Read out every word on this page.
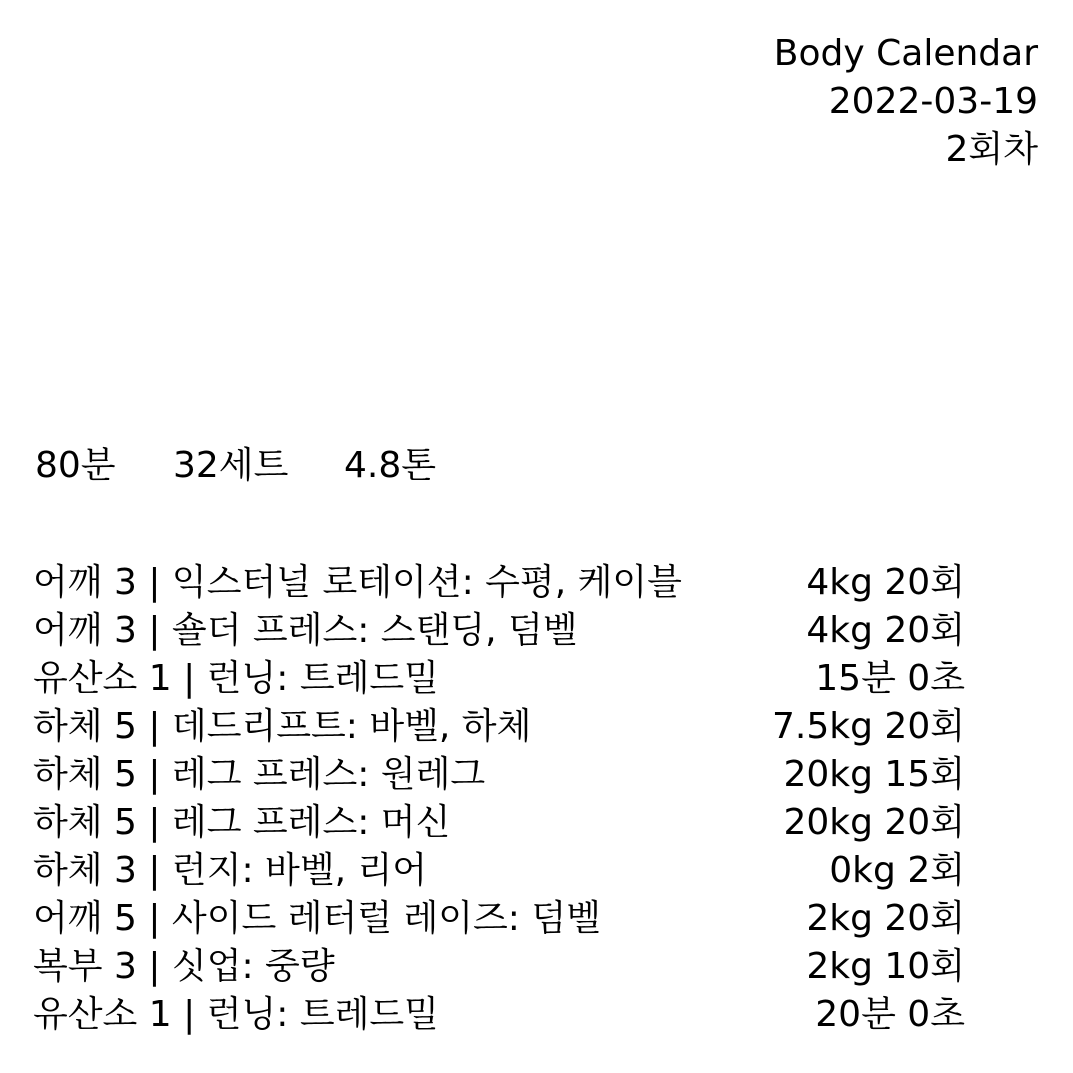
Body Calendar
2022-03-19
2회차
80분 32세트 4.8톤
어깨 3 | 익스터널 로테이션: 수평, 케이블	4kg 20회
어깨 3 | 숄더 프레스: 스탠딩, 덤벨	4kg 20회
유산소 1 | 런닝: 트레드밀	15분 0초
하체 5 | 데드리프트: 바벨, 하체	7.5kg 20회
하체 5 | 레그 프레스: 원레그	20kg 15회
하체 5 | 레그 프레스: 머신	20kg 20회
하체 3 | 런지: 바벨, 리어	0kg 2회
어깨 5 | 사이드 레터럴 레이즈: 덤벨	2kg 20회
복부 3 | 싯업: 중량	2kg 10회
유산소 1 | 런닝: 트레드밀	20분 0초
